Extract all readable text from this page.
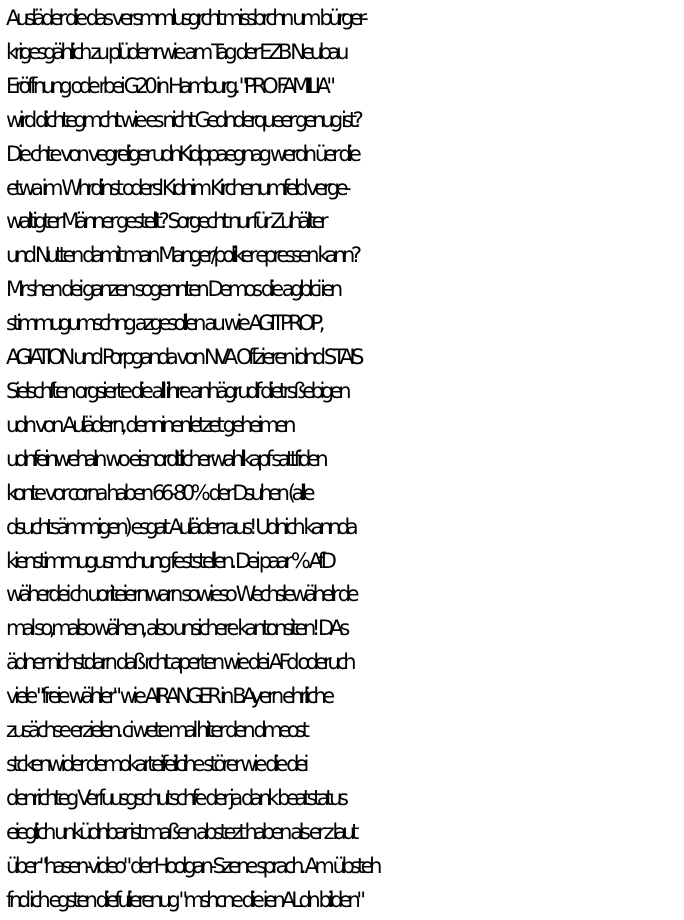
Ausläder die das versmmlusgrcht missbrchn um bürger-
krigesgählich zu plüdenr wie am Tag der EZB Neubau
Eröffnung ode rbei G20 in Hamburg. "PRO FAMILIA"
wird dichtegmcht wie es nicht Gednderqueer genug ist?
Die chte von vegreliger udnKidppaegnag werdn üer die
etwa im Whrdinst odersl Kidnim Kirchenumfeld verge-
waltigter Männer gestellt? Sorgecht nur für Zuhälter
und Nutten damit man Manger/poliker epressen kann?
Mr shen dei ganzen sogennten Demos die agblci ien
stimmugumschng azgesollen au wie AGITPROP,
AGIATION und Porpganda von NVA Offzieren idnd STAIS
Sielschften orgsierte die all ihre anhägrudf dietrsßebigen
udn von Aulädern, denninenletzet geheimen
udnfeinwehaln wo eisnordtlicherwahlkapf sattfiden
konte vor corna haben 66-80% der Dsuhen (alle
dsuchtsämmigen) esgat Auläder raus! Udnich kannda
kienstimmugusmchung feststellen. Dei paar % AfD
wäherdei ch uoriteiernwarn sowieso Wechslewähelr de
mal so,malso wähen, also unsichere kantonsiten! DAs
ädner nichstdarn daß rcht aperten wie dei AFd oderuch
viele "freie wähler" wie AIRANGER in BAyern ehrliche
zusächse erzielen. ci wete mal hiter den dmeost
stckenwider demokarteifeilcihe störer wie die dei
denrichteg Verfuusgschutschfe der ja dank beatstatus
eieglich unküdnbar ist maßen abstezt haben als er z laut
über "hasen-video" der Hoolgan-Szene sprach. Am übsteh
fnd ich egsten diefulierenug "mshcne die ienALdn bilden"
